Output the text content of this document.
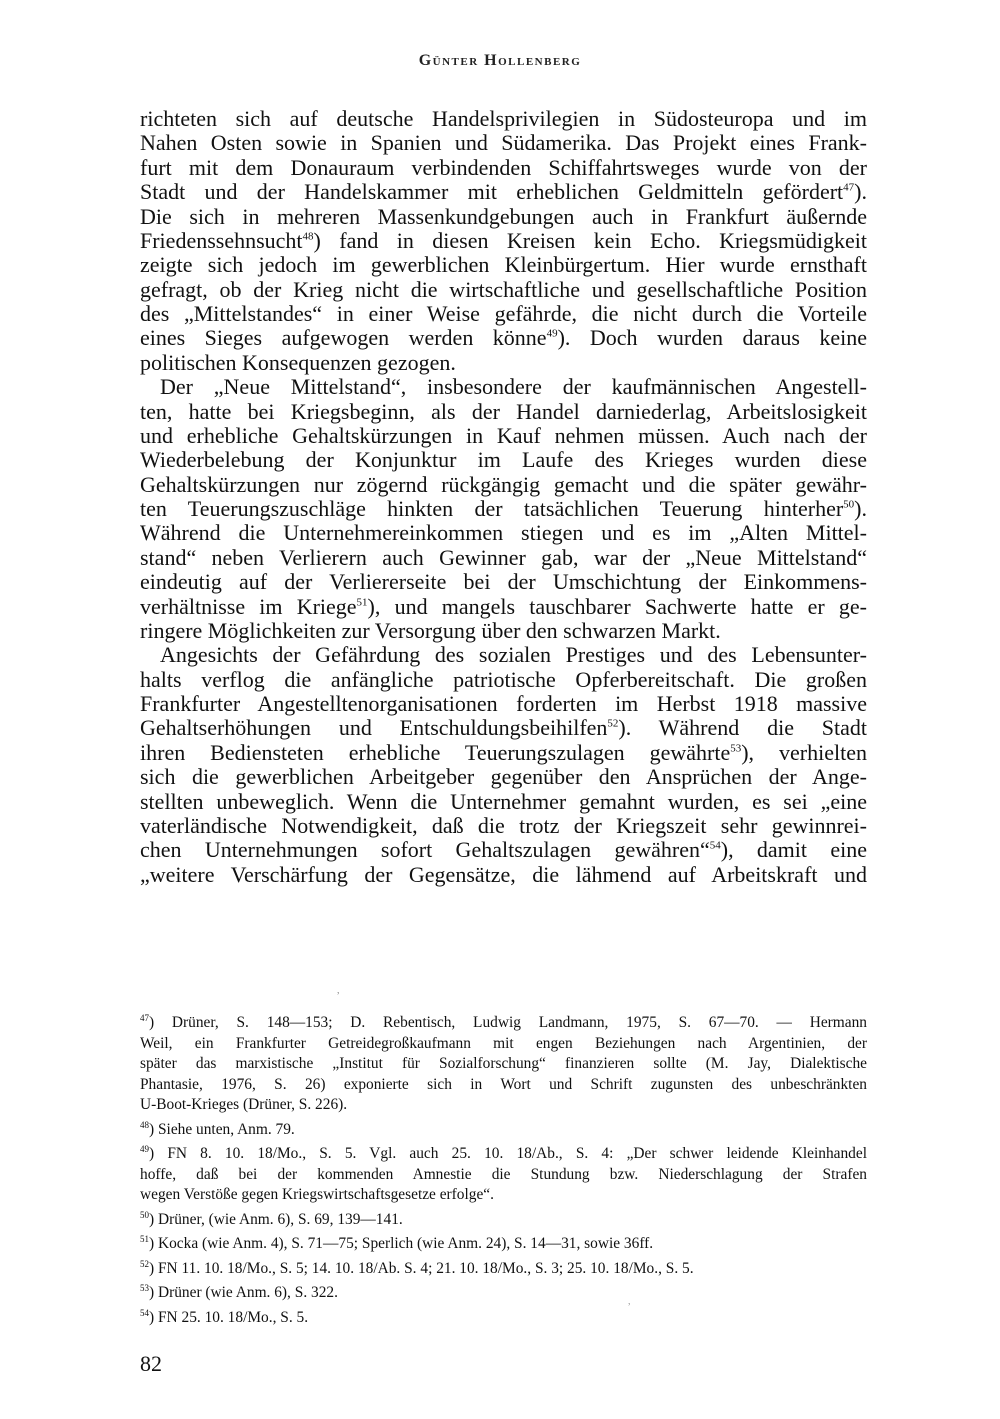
Günter Hollenberg
richteten sich auf deutsche Handelsprivilegien in Südosteuropa und im
Nahen Osten sowie in Spanien und Südamerika. Das Projekt eines Frank-
furt mit dem Donauraum verbindenden Schiffahrtsweges wurde von der
Stadt und der Handelskammer mit erheblichen Geldmitteln gefördert$^{47}$).
Die sich in mehreren Massenkundgebungen auch in Frankfurt äußernde
Friedenssehnsucht$^{48}$) fand in diesen Kreisen kein Echo. Kriegsmüdigkeit
zeigte sich jedoch im gewerblichen Kleinbürgertum. Hier wurde ernsthaft
gefragt, ob der Krieg nicht die wirtschaftliche und gesellschaftliche Position
des „Mittelstandes“ in einer Weise gefährde, die nicht durch die Vorteile
eines Sieges aufgewogen werden könne$^{49}$). Doch wurden daraus keine
politischen Konsequenzen gezogen.
Der „Neue Mittelstand“, insbesondere der kaufmännischen Angestell-
ten, hatte bei Kriegsbeginn, als der Handel darniederlag, Arbeitslosigkeit
und erhebliche Gehaltskürzungen in Kauf nehmen müssen. Auch nach der
Wiederbelebung der Konjunktur im Laufe des Krieges wurden diese
Gehaltskürzungen nur zögernd rückgängig gemacht und die später gewähr-
ten Teuerungszuschläge hinkten der tatsächlichen Teuerung hinterher$^{50}$).
Während die Unternehmereinkommen stiegen und es im „Alten Mittel-
stand“ neben Verlierern auch Gewinner gab, war der „Neue Mittelstand“
eindeutig auf der Verliererseite bei der Umschichtung der Einkommens-
verhältnisse im Kriege$^{51}$), und mangels tauschbarer Sachwerte hatte er ge-
ringere Möglichkeiten zur Versorgung über den schwarzen Markt.
Angesichts der Gefährdung des sozialen Prestiges und des Lebensunter-
halts verflog die anfängliche patriotische Opferbereitschaft. Die großen
Frankfurter Angestelltenorganisationen forderten im Herbst 1918 massive
Gehaltserhöhungen und Entschuldungsbeihilfen$^{52}$). Während die Stadt
ihren Bediensteten erhebliche Teuerungszulagen gewährte$^{53}$), verhielten
sich die gewerblichen Arbeitgeber gegenüber den Ansprüchen der Ange-
stellten unbeweglich. Wenn die Unternehmer gemahnt wurden, es sei „eine
vaterländische Notwendigkeit, daß die trotz der Kriegszeit sehr gewinnrei-
chen Unternehmungen sofort Gehaltszulagen gewähren“$^{54}$), damit eine
„weitere Verschärfung der Gegensätze, die lähmend auf Arbeitskraft und
,
$^{47}$) Drüner, S. 148—153; D. Rebentisch, Ludwig Landmann, 1975, S. 67—70. — Hermann
Weil, ein Frankfurter Getreidegroßkaufmann mit engen Beziehungen nach Argentinien, der
später das marxistische „Institut für Sozialforschung“ finanzieren sollte (M. Jay, Dialektische
Phantasie, 1976, S. 26) exponierte sich in Wort und Schrift zugunsten des unbeschränkten
U-Boot-Krieges (Drüner, S. 226).
$^{48}$) Siehe unten, Anm. 79.
$^{49}$) FN 8. 10. 18/Mo., S. 5. Vgl. auch 25. 10. 18/Ab., S. 4: „Der schwer leidende Kleinhandel
hoffe, daß bei der kommenden Amnestie die Stundung bzw. Niederschlagung der Strafen
wegen Verstöße gegen Kriegswirtschaftsgesetze erfolge“.
$^{50}$) Drüner, (wie Anm. 6), S. 69, 139—141.
$^{51}$) Kocka (wie Anm. 4), S. 71—75; Sperlich (wie Anm. 24), S. 14—31, sowie 36ff.
$^{52}$) FN 11. 10. 18/Mo., S. 5; 14. 10. 18/Ab. S. 4; 21. 10. 18/Mo., S. 3; 25. 10. 18/Mo., S. 5.
$^{53}$) Drüner (wie Anm. 6), S. 322.
$^{54}$) FN 25. 10. 18/Mo., S. 5.
,
82
